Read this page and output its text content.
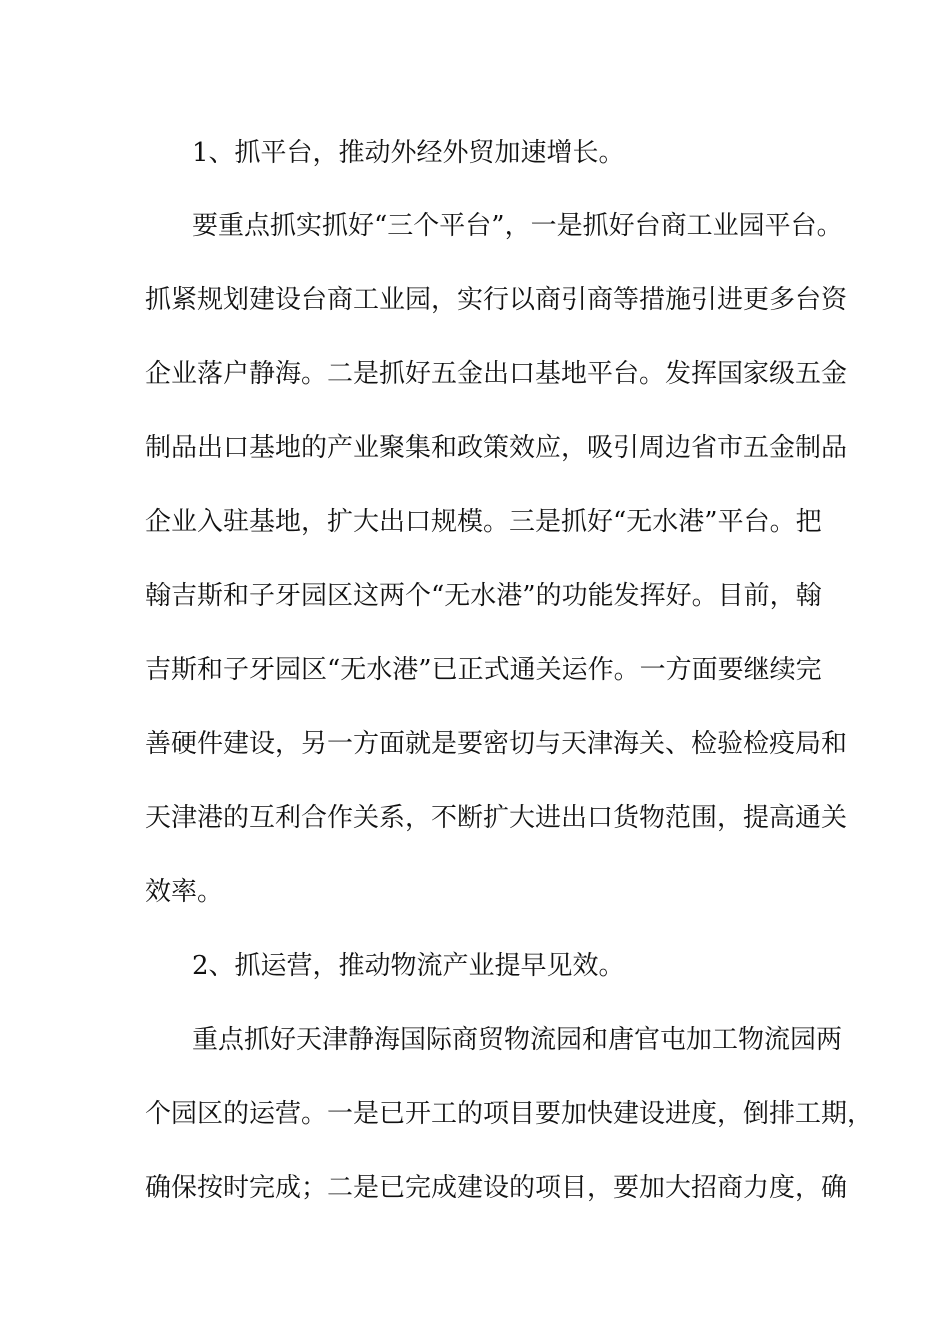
1、抓平台，推动外经外贸加速增长。
要重点抓实抓好“三个平台”，一是抓好台商工业园平台。
抓紧规划建设台商工业园，实行以商引商等措施引进更多台资
企业落户静海。二是抓好五金出口基地平台。发挥国家级五金
制品出口基地的产业聚集和政策效应，吸引周边省市五金制品
企业入驻基地，扩大出口规模。三是抓好“无水港”平台。把
翰吉斯和子牙园区这两个“无水港”的功能发挥好。目前，翰
吉斯和子牙园区“无水港”已正式通关运作。一方面要继续完
善硬件建设，另一方面就是要密切与天津海关、检验检疫局和
天津港的互利合作关系，不断扩大进出口货物范围，提高通关
效率。
2、抓运营，推动物流产业提早见效。
重点抓好天津静海国际商贸物流园和唐官屯加工物流园两
个园区的运营。一是已开工的项目要加快建设进度，倒排工期，
确保按时完成；二是已完成建设的项目，要加大招商力度，确
